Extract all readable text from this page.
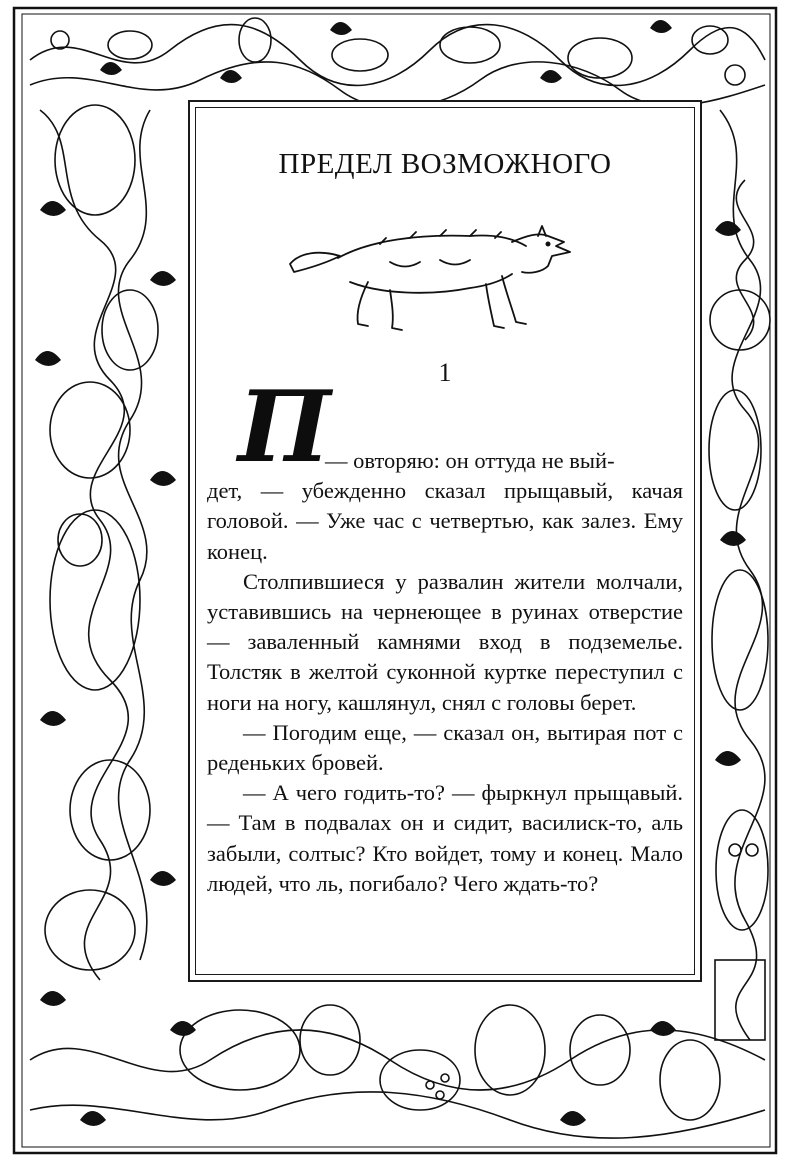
ПРЕДЕЛ ВОЗМОЖНОГО
1
П

— овторяю: он оттуда не вый-
дет, — убежденно сказал прыщавый, качая головой. — Уже час с четвертью, как залез. Ему конец.

Столпившиеся у развалин жители молчали, уставившись на чернеющее в руинах отверстие — заваленный камнями вход в подземелье. Толстяк в желтой суконной куртке переступил с ноги на ногу, кашлянул, снял с головы берет.

— Погодим еще, — сказал он, вытирая пот с реденьких бровей.

— А чего годить-то? — фыркнул прыщавый. — Там в подвалах он и сидит, василиск-то, аль забыли, солтыс? Кто войдет, тому и конец. Мало людей, что ль, погибало? Чего ждать-то?
